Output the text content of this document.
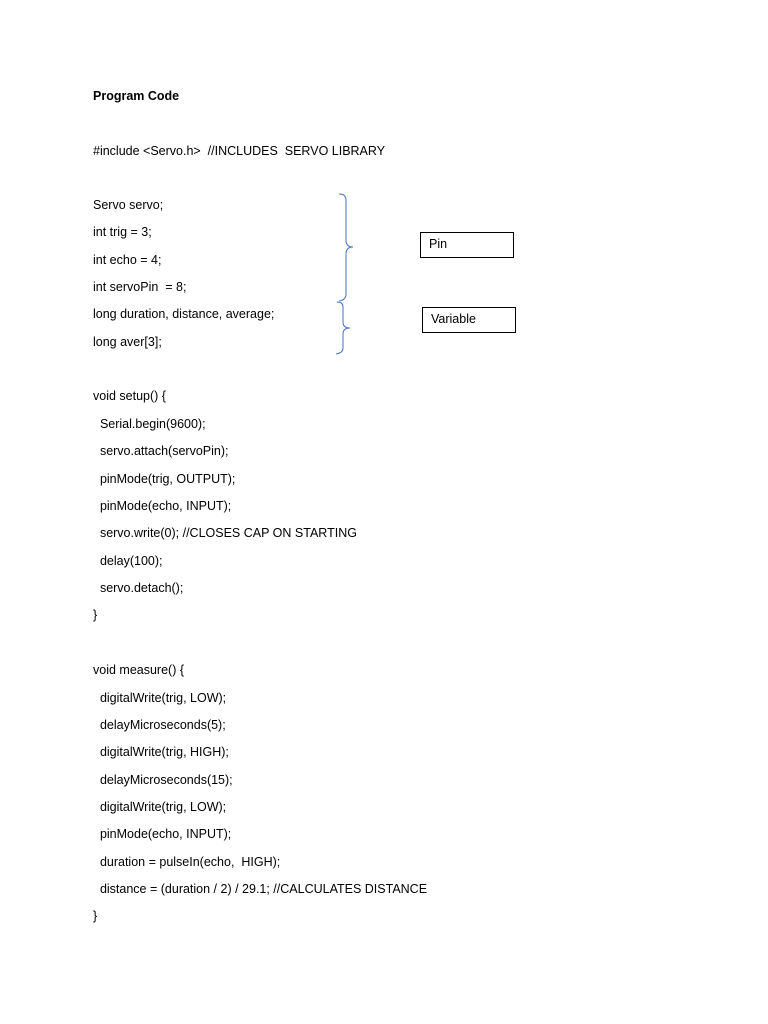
Program Code
#include <Servo.h>  //INCLUDES  SERVO LIBRARY
Servo servo;
int trig = 3;
int echo = 4;
int servoPin  = 8;
long duration, distance, average;
long aver[3];
void setup() {
Serial.begin(9600);
servo.attach(servoPin);
pinMode(trig, OUTPUT);
pinMode(echo, INPUT);
servo.write(0); //CLOSES CAP ON STARTING
delay(100);
servo.detach();
}
void measure() {
digitalWrite(trig, LOW);
delayMicroseconds(5);
digitalWrite(trig, HIGH);
delayMicroseconds(15);
digitalWrite(trig, LOW);
pinMode(echo, INPUT);
duration = pulseIn(echo,  HIGH);
distance = (duration / 2) / 29.1; //CALCULATES DISTANCE
}
Pin
Variable
